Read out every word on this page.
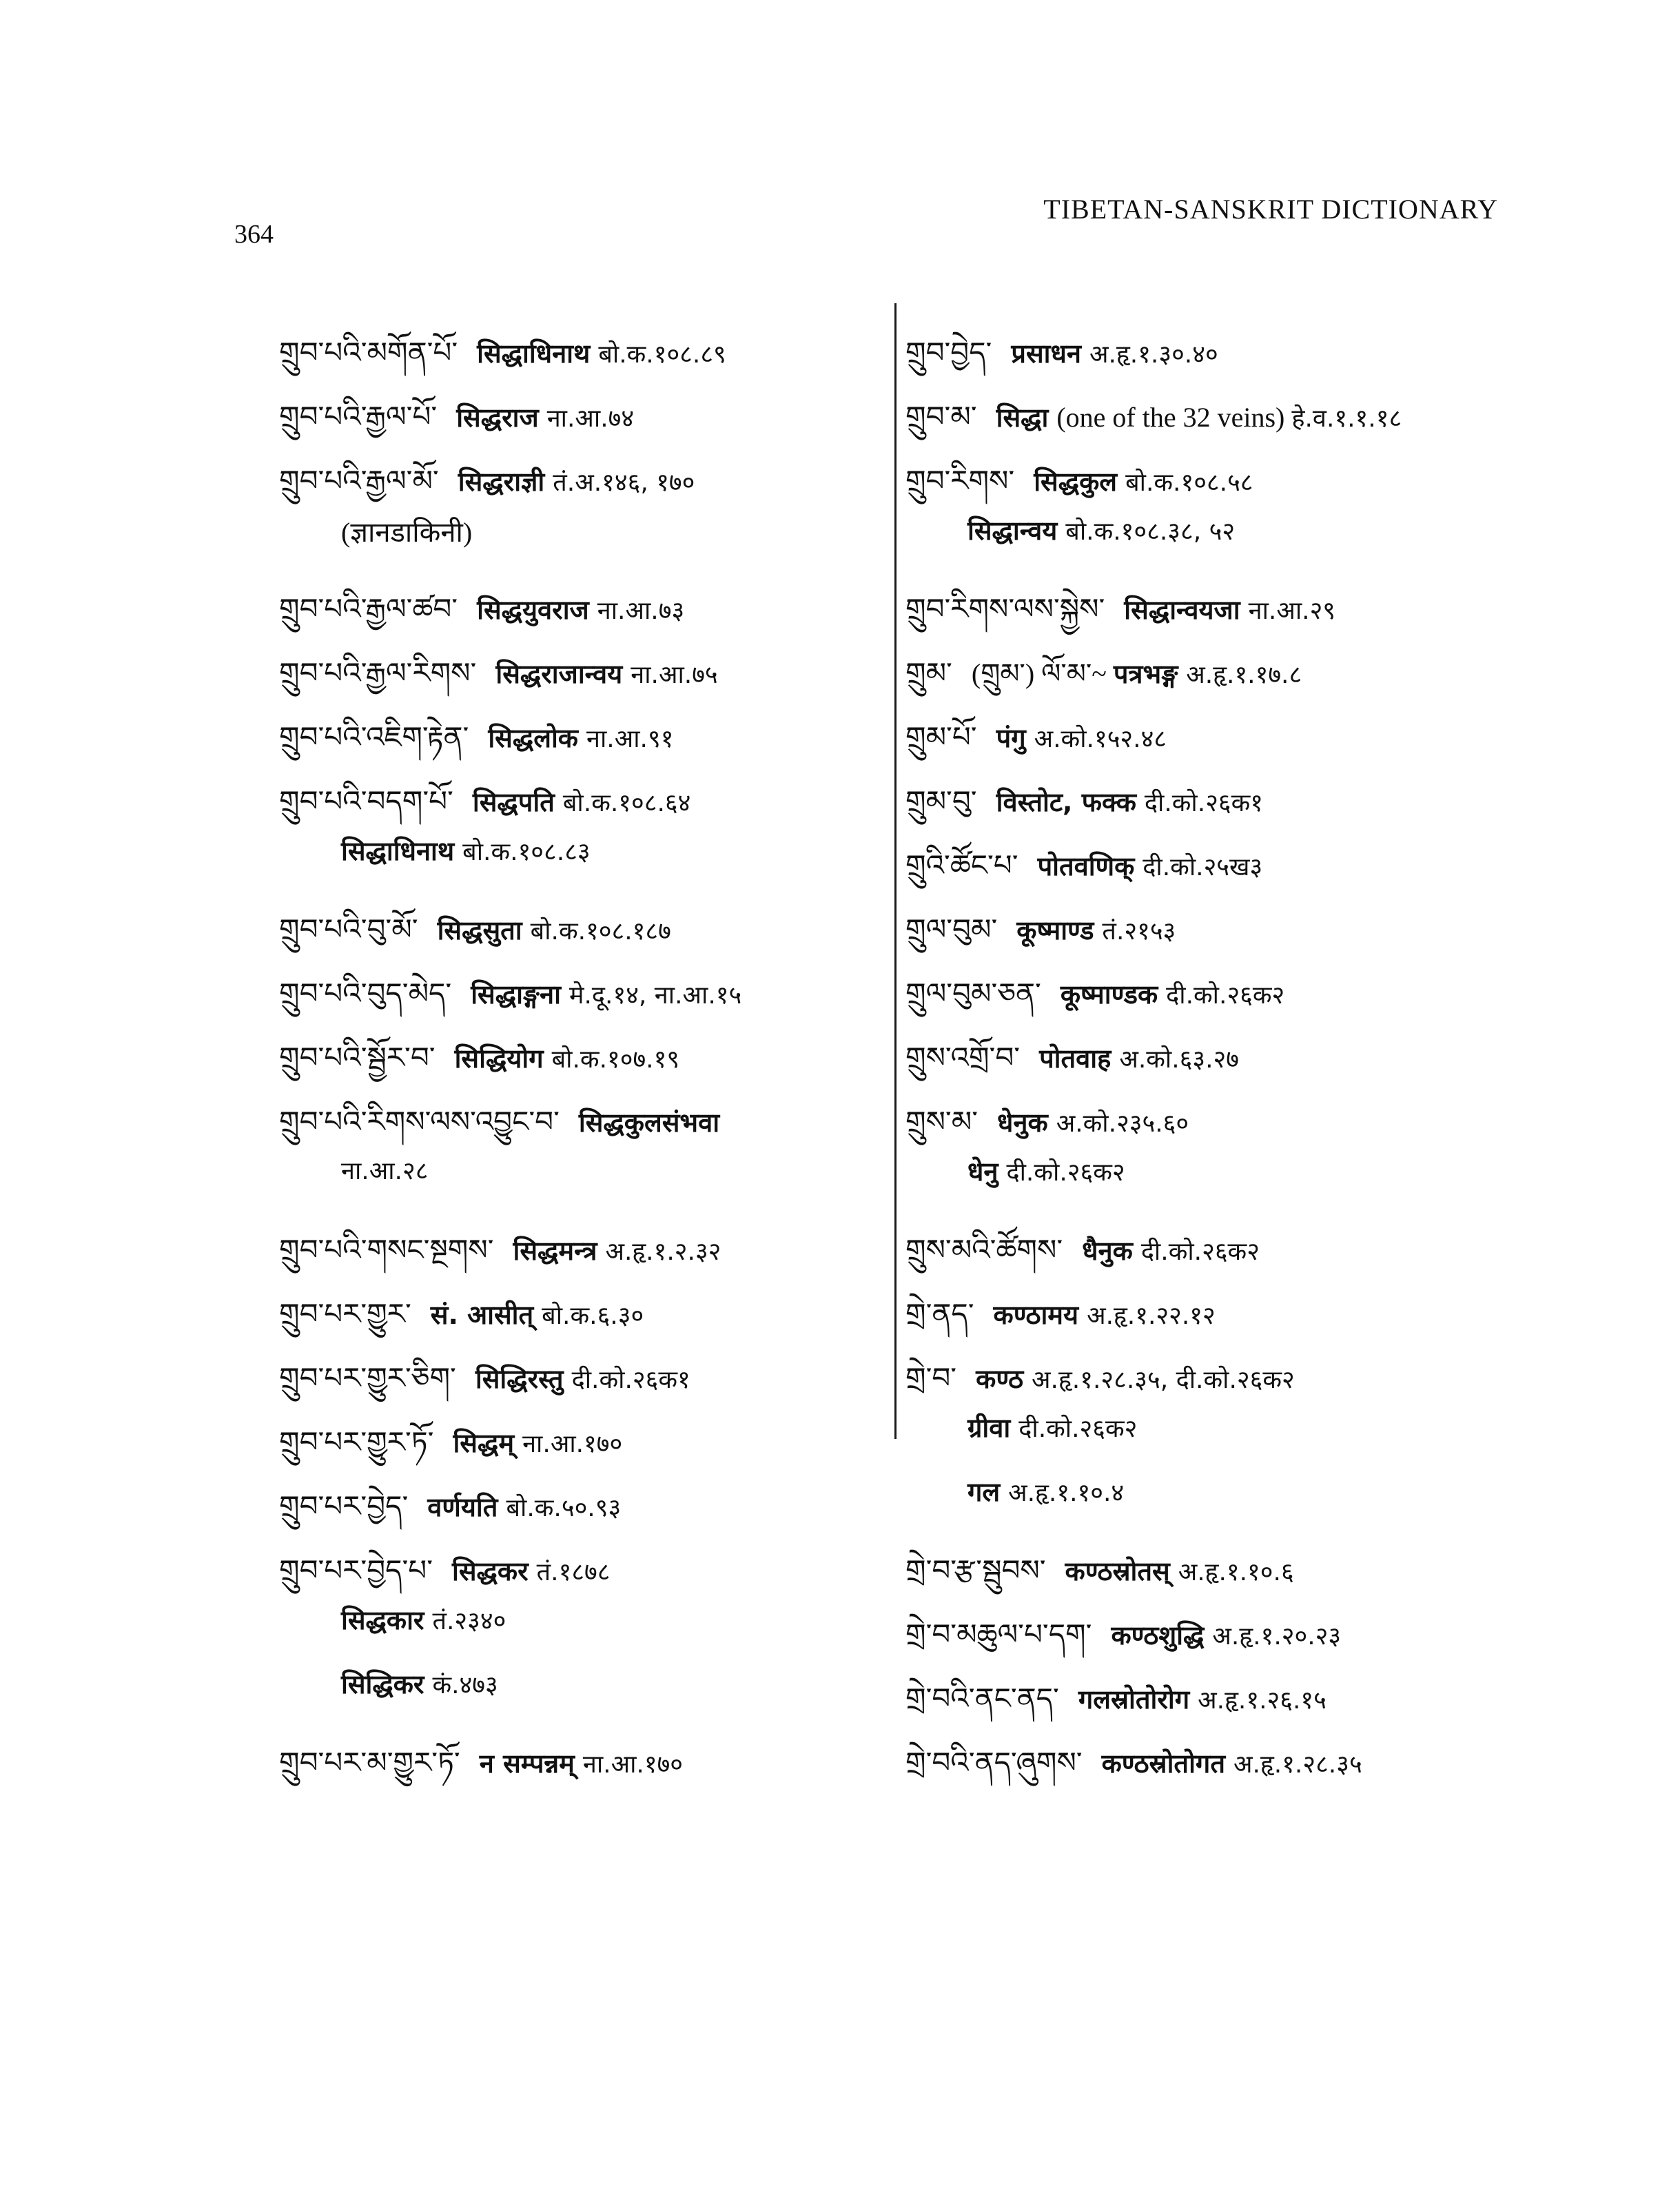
364
TIBETAN-SANSKRIT DICTIONARY
གྲུབ་པའི་མགོན་པོ་ सिद्धाधिनाथ बो.क.१०८.८९
གྲུབ་པའི་རྒྱལ་པོ་ सिद्धराज ना.आ.७४
གྲུབ་པའི་རྒྱལ་མོ་ सिद्धराज्ञी तं.अ.१४६, १७०
(ज्ञानडाकिनी)
གྲུབ་པའི་རྒྱལ་ཚབ་ सिद्धयुवराज ना.आ.७३
གྲུབ་པའི་རྒྱལ་རིགས་ सिद्धराजान्वय ना.आ.७५
གྲུབ་པའི་འཇིག་རྟེན་ सिद्धलोक ना.आ.९१
གྲུབ་པའི་བདག་པོ་ सिद्धपति बो.क.१०८.६४
सिद्धाधिनाथ बो.क.१०८.८३
གྲུབ་པའི་བུ་མོ་ सिद्धसुता बो.क.१०८.१८७
གྲུབ་པའི་བུད་མེད་ सिद्धाङ्गना मे.दू.१४, ना.आ.१५
གྲུབ་པའི་སྦྱོར་བ་ सिद्धियोग बो.क.१०७.१९
གྲུབ་པའི་རིགས་ལས་འབྱུང་བ་ सिद्धकुलसंभवा
ना.आ.२८
གྲུབ་པའི་གསང་སྔགས་ सिद्धमन्त्र अ.हृ.१.२.३२
གྲུབ་པར་གྱུར་ सं. आसीत् बो.क.६.३०
གྲུབ་པར་གྱུར་ཅིག་ सिद्धिरस्तु दी.को.२६क१
གྲུབ་པར་གྱུར་ཏོ་ सिद्धम् ना.आ.१७०
གྲུབ་པར་བྱེད་ वर्णयति बो.क.५०.९३
གྲུབ་པར་བྱེད་པ་ सिद्धकर तं.१८७८
सिद्धकार तं.२३४०
सिद्धिकर कं.४७३
གྲུབ་པར་མ་གྱུར་ཏོ་ न सम्पन्नम् ना.आ.१७०
གྲུབ་བྱེད་ प्रसाधन अ.हृ.१.३०.४०
གྲུབ་མ་ सिद्धा (one of the 32 veins) हे.व.१.१.१८
གྲུབ་རིགས་ सिद्धकुल बो.क.१०८.५८
सिद्धान्वय बो.क.१०८.३८, ५२
གྲུབ་རིགས་ལས་སྐྱེས་ सिद्धान्वयजा ना.आ.२९
གྲུམ་ (གྲུམ་) ལོ་མ་~ पत्रभङ्ग अ.हृ.१.१७.८
གྲུམ་པོ་ पंगु अ.को.१५२.४८
གྲུམ་བུ་ विस्तोट, फक्क दी.को.२६क१
གྲུའི་ཚོང་པ་ पोतवणिक् दी.को.२५ख३
གྲུལ་བུམ་ कूष्माण्ड तं.२१५३
གྲུལ་བུམ་ཅན་ कूष्माण्डक दी.को.२६क२
གྲུས་འགྲོ་བ་ पोतवाह अ.को.६३.२७
གྲུས་མ་ धेनुक अ.को.२३५.६०
धेनु दी.को.२६क२
གྲུས་མའི་ཚོགས་ धैनुक दी.को.२६क२
གྲེ་ནད་ कण्ठामय अ.हृ.१.२२.१२
གྲེ་བ་ कण्ठ अ.हृ.१.२८.३५, दी.को.२६क२
ग्रीवा दी.को.२६क२
गल अ.हृ.१.१०.४
གྲེ་བ་རྩ་སྦུབས་ कण्ठस्रोतस् अ.हृ.१.१०.६
གྲེ་བ་མཆུལ་པ་དག་ कण्ठशुद्धि अ.हृ.१.२०.२३
གྲེ་བའི་ནང་ནད་ गलस्रोतोरोग अ.हृ.१.२६.१५
གྲེ་བའི་ནད་ཞུགས་ कण्ठस्रोतोगत अ.हृ.१.२८.३५
